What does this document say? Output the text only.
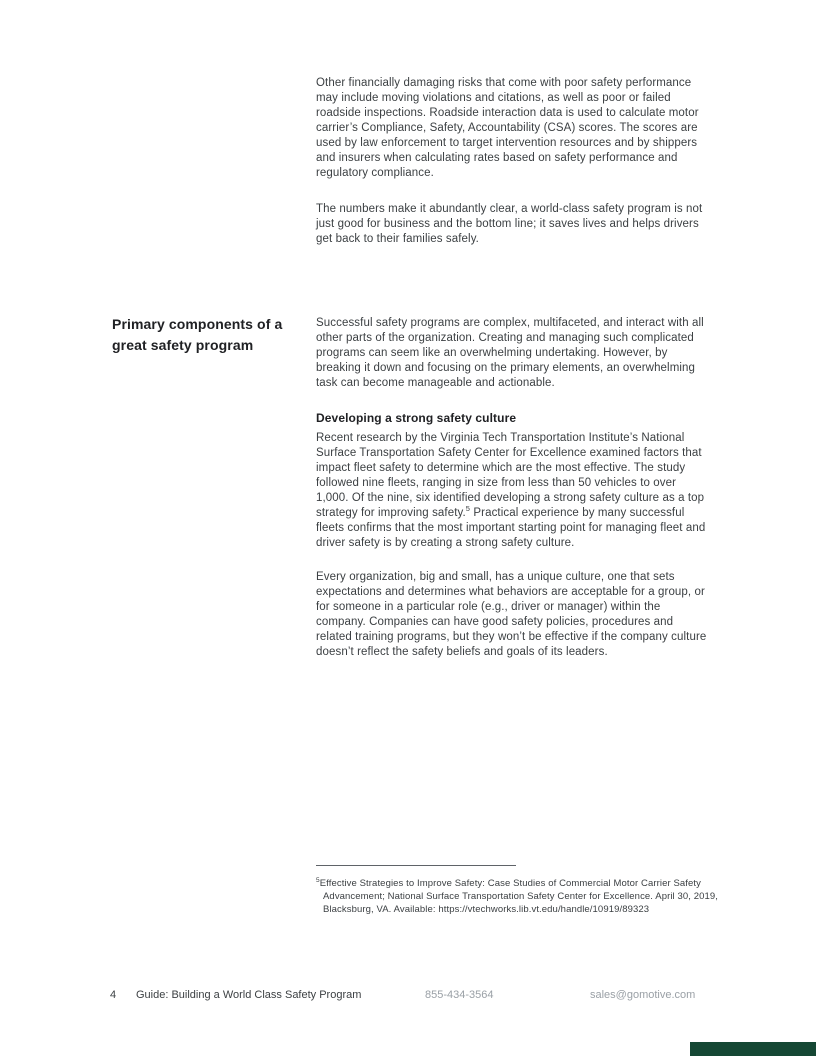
Primary components of a great safety program

Other financially damaging risks that come with poor safety performance may include moving violations and citations, as well as poor or failed roadside inspections. Roadside interaction data is used to calculate motor carrier’s Compliance, Safety, Accountability (CSA) scores. The scores are used by law enforcement to target intervention resources and by shippers and insurers when calculating rates based on safety performance and regulatory compliance.

The numbers make it abundantly clear, a world-class safety program is not just good for business and the bottom line; it saves lives and helps drivers get back to their families safely.

Successful safety programs are complex, multifaceted, and interact with all other parts of the organization. Creating and managing such complicated programs can seem like an overwhelming undertaking. However, by breaking it down and focusing on the primary elements, an overwhelming task can become manageable and actionable.

Developing a strong safety culture

Recent research by the Virginia Tech Transportation Institute’s National Surface Transportation Safety Center for Excellence examined factors that impact fleet safety to determine which are the most effective. The study followed nine fleets, ranging in size from less than 50 vehicles to over 1,000. Of the nine, six identified developing a strong safety culture as a top strategy for improving safety.$^5$ Practical experience by many successful fleets confirms that the most important starting point for managing fleet and driver safety is by creating a strong safety culture.

Every organization, big and small, has a unique culture, one that sets expectations and determines what behaviors are acceptable for a group, or for someone in a particular role (e.g., driver or manager) within the company. Companies can have good safety policies, procedures and related training programs, but they won’t be effective if the company culture doesn’t reflect the safety beliefs and goals of its leaders.

$^5$Effective Strategies to Improve Safety: Case Studies of Commercial Motor Carrier Safety Advancement; National Surface Transportation Safety Center for Excellence. April 30, 2019, Blacksburg, VA. Available: https://vtechworks.lib.vt.edu/handle/10919/89323
4 Guide: Building a World Class Safety Program	855-434-3564	sales@gomotive.com
